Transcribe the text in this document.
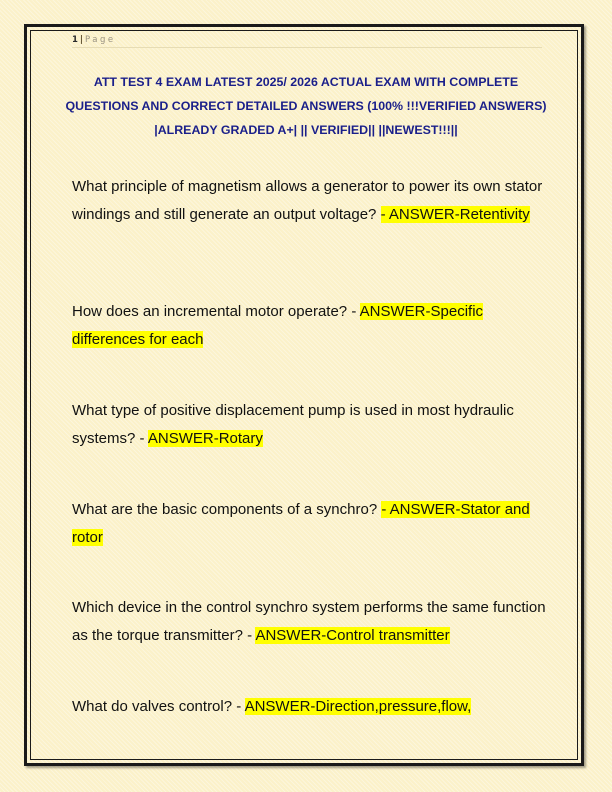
1 | Page
ATT TEST 4 EXAM LATEST 2025/ 2026 ACTUAL EXAM WITH COMPLETE QUESTIONS AND CORRECT DETAILED ANSWERS (100% !!!VERIFIED ANSWERS) |ALREADY GRADED A+| || VERIFIED|| ||NEWEST!!!||
What principle of magnetism allows a generator to power its own stator windings and still generate an output voltage? - ANSWER-Retentivity
How does an incremental motor operate? - ANSWER-Specific differences for each
What type of positive displacement pump is used in most hydraulic systems? - ANSWER-Rotary
What are the basic components of a synchro? - ANSWER-Stator and rotor
Which device in the control synchro system performs the same function as the torque transmitter? - ANSWER-Control transmitter
What do valves control? - ANSWER-Direction,pressure,flow,
